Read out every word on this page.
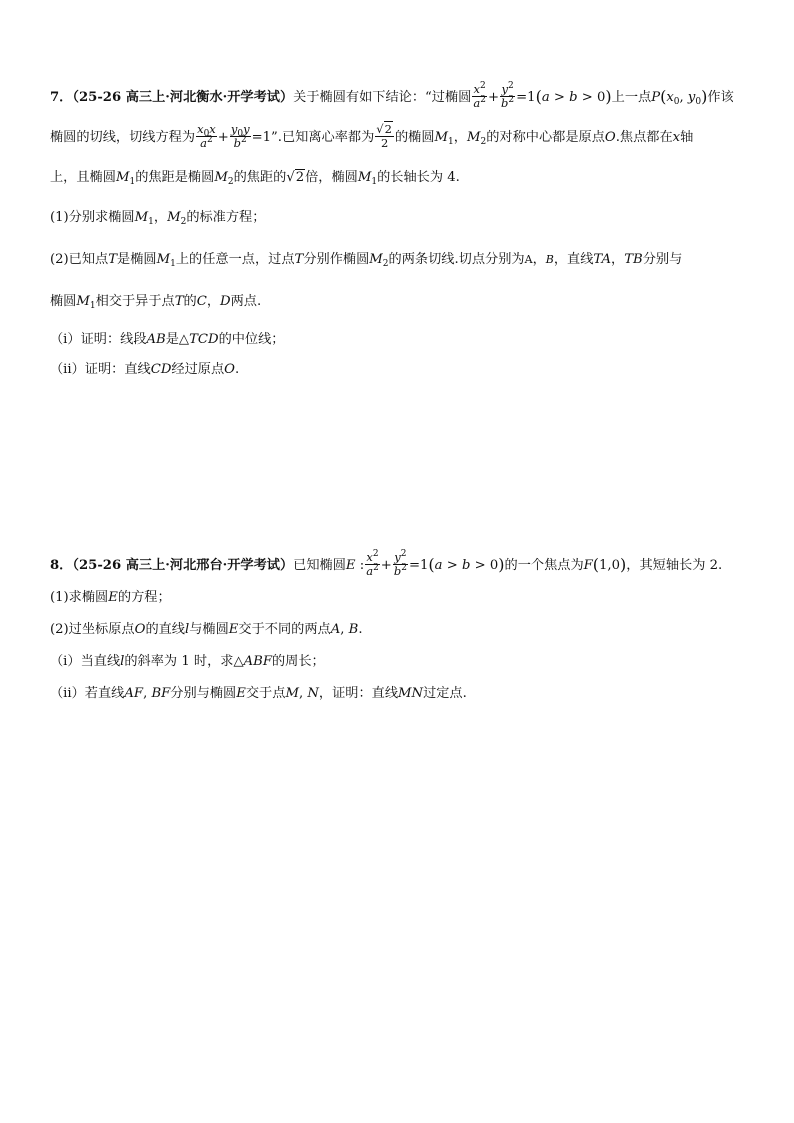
7．（25-26 高三上·河北衡水·开学考试）关于椭圆有如下结论：“过椭圆 $\frac{x^2}{a^2} + \frac{y^2}{b^2} =1(a > b > 0)$上一点$P(x_0$, $y_0$)作该
椭圆的切线，切线方程为 $\frac{x_0x}{a^2} + \frac{y_0y}{b^2} =1$”.已知离心率都为 $\frac{√2}{2}$ 的椭圆$M_1$，$M_2$的对称中心都是原点O.焦点都在x轴
上，且椭圆$M_1$的焦距是椭圆$M_2$的焦距的√2倍，椭圆$M_1$的长轴长为 4.
(1)分别求椭圆$M_1$，$M_2$的标准方程；
(2)已知点T是椭圆$M_1$上的任意一点，过点T分别作椭圆$M_2$的两条切线.切点分别为A，B，直线TA，TB分别与
椭圆$M_1$相交于异于点T的C，D两点.
（i）证明：线段AB是△TCD的中位线；
（ii）证明：直线CD经过原点O.
8．（25-26 高三上·河北邢台·开学考试）已知椭圆E : $\frac{x^2}{a^2} + \frac{y^2}{b^2} =1(a > b > 0)$的一个焦点为F(1,0)，其短轴长为 2.
(1)求椭圆E的方程；
(2)过坐标原点O的直线l与椭圆E交于不同的两点A, B.
（i）当直线l的斜率为 1 时，求△ABF的周长；
（ii）若直线AF, BF分别与椭圆E交于点M, N，证明：直线MN过定点.
